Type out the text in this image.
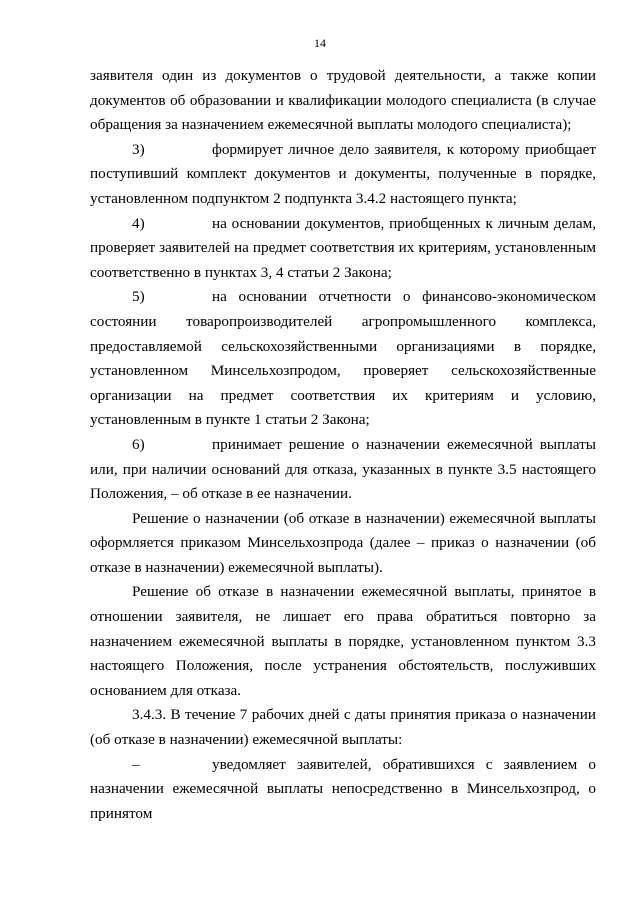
14

заявителя один из документов о трудовой деятельности, а также копии документов об образовании и квалификации молодого специалиста (в случае обращения за назначением ежемесячной выплаты молодого специалиста);

3)	формирует личное дело заявителя, к которому приобщает поступивший комплект документов и документы, полученные в порядке, установленном подпунктом 2 подпункта 3.4.2 настоящего пункта;

4)	на основании документов, приобщенных к личным делам, проверяет заявителей на предмет соответствия их критериям, установленным соответственно в пунктах 3, 4 статьи 2 Закона;

5)	на основании отчетности о финансово-экономическом состоянии товаропроизводителей агропромышленного комплекса, предоставляемой сельскохозяйственными организациями в порядке, установленном Минсельхозпродом, проверяет сельскохозяйственные организации на предмет соответствия их критериям и условию, установленным в пункте 1 статьи 2 Закона;

6)	принимает решение о назначении ежемесячной выплаты или, при наличии оснований для отказа, указанных в пункте 3.5 настоящего Положения, – об отказе в ее назначении.

Решение о назначении (об отказе в назначении) ежемесячной выплаты оформляется приказом Минсельхозпрода (далее – приказ о назначении (об отказе в назначении) ежемесячной выплаты).

Решение об отказе в назначении ежемесячной выплаты, принятое в отношении заявителя, не лишает его права обратиться повторно за назначением ежемесячной выплаты в порядке, установленном пунктом 3.3 настоящего Положения, после устранения обстоятельств, послуживших основанием для отказа.

3.4.3. В течение 7 рабочих дней с даты принятия приказа о назначении (об отказе в назначении) ежемесячной выплаты:

–	уведомляет заявителей, обратившихся с заявлением о назначении ежемесячной выплаты непосредственно в Минсельхозпрод, о принятом
